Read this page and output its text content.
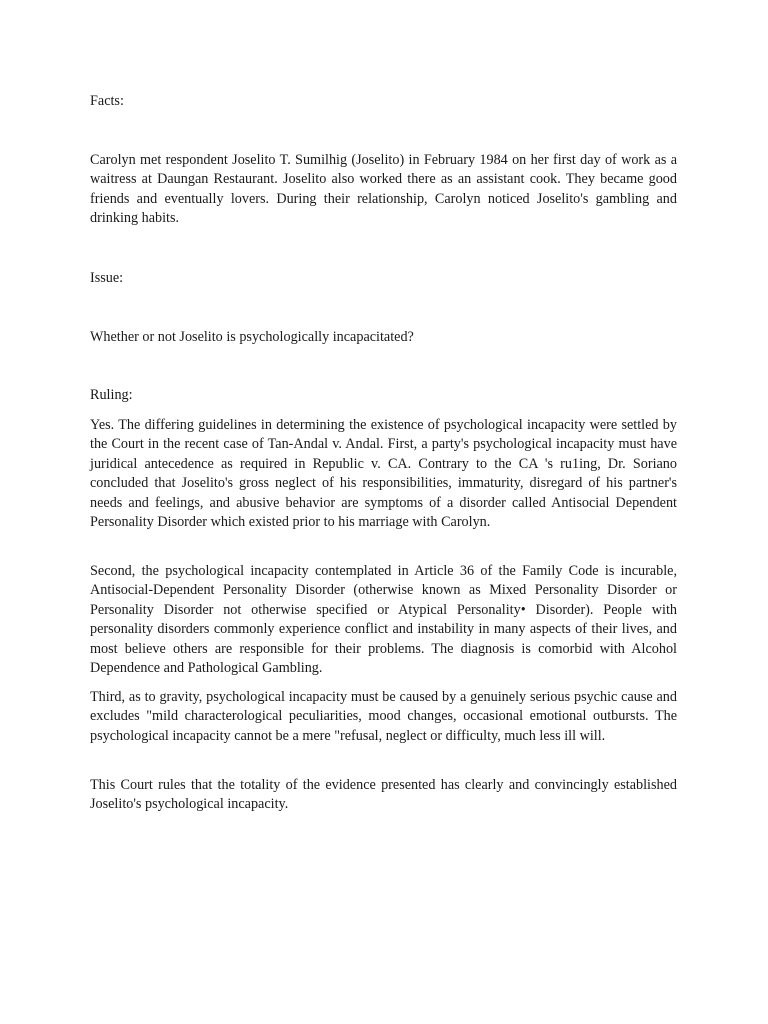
Facts:

Carolyn met respondent Joselito T. Sumilhig (Joselito) in February 1984 on her first day of work as a waitress at Daungan Restaurant. Joselito also worked there as an assistant cook. They became good friends and eventually lovers. During their relationship, Carolyn noticed Joselito's gambling and drinking habits.

Issue:

Whether or not Joselito is psychologically incapacitated?

Ruling:

Yes. The differing guidelines in determining the existence of psychological incapacity were settled by the Court in the recent case of Tan-Andal v. Andal. First, a party's psychological incapacity must have juridical antecedence as required in Republic v. CA. Contrary to the CA 's ru1ing, Dr. Soriano concluded that Joselito's gross neglect of his responsibilities, immaturity, disregard of his partner's needs and feelings, and abusive behavior are symptoms of a disorder called Antisocial Dependent Personality Disorder which existed prior to his marriage with Carolyn.

Second, the psychological incapacity contemplated in Article 36 of the Family Code is incurable, Antisocial-Dependent Personality Disorder (otherwise known as Mixed Personality Disorder or Personality Disorder not otherwise specified or Atypical Personality• Disorder). People with personality disorders commonly experience conflict and instability in many aspects of their lives, and most believe others are responsible for their problems. The diagnosis is comorbid with Alcohol Dependence and Pathological Gambling.

Third, as to gravity, psychological incapacity must be caused by a genuinely serious psychic cause and excludes "mild characterological peculiarities, mood changes, occasional emotional outbursts. The psychological incapacity cannot be a mere "refusal, neglect or difficulty, much less ill will.

This Court rules that the totality of the evidence presented has clearly and convincingly established Joselito's psychological incapacity.
